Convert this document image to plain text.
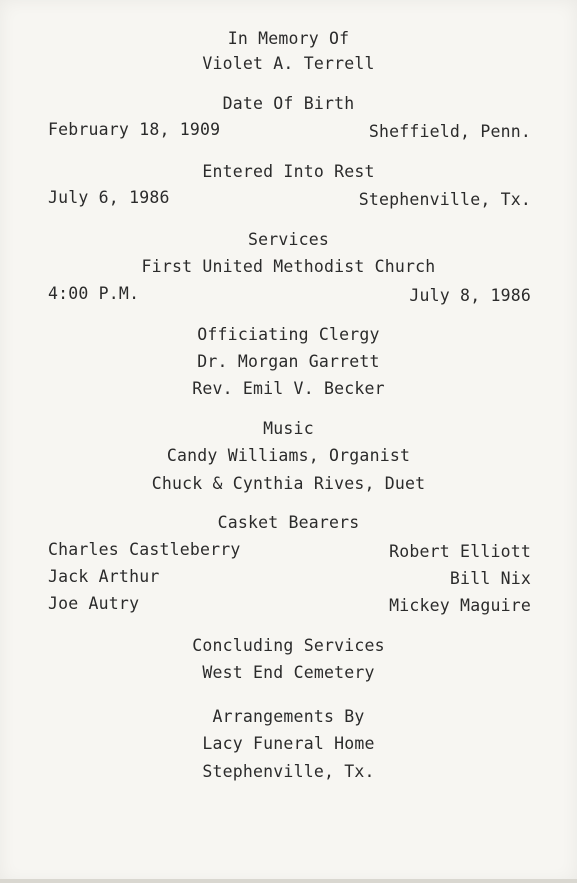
In Memory Of
Violet A. Terrell
Date Of Birth
February 18, 1909	Sheffield, Penn.
Entered Into Rest
July 6, 1986	Stephenville, Tx.
Services
First United Methodist Church
4:00 P.M.	July 8, 1986
Officiating Clergy
Dr. Morgan Garrett
Rev. Emil V. Becker
Music
Candy Williams, Organist
Chuck & Cynthia Rives, Duet
Casket Bearers
Charles Castleberry	Robert Elliott
Jack Arthur	Bill Nix
Joe Autry	Mickey Maguire
Concluding Services
West End Cemetery
Arrangements By
Lacy Funeral Home
Stephenville, Tx.
